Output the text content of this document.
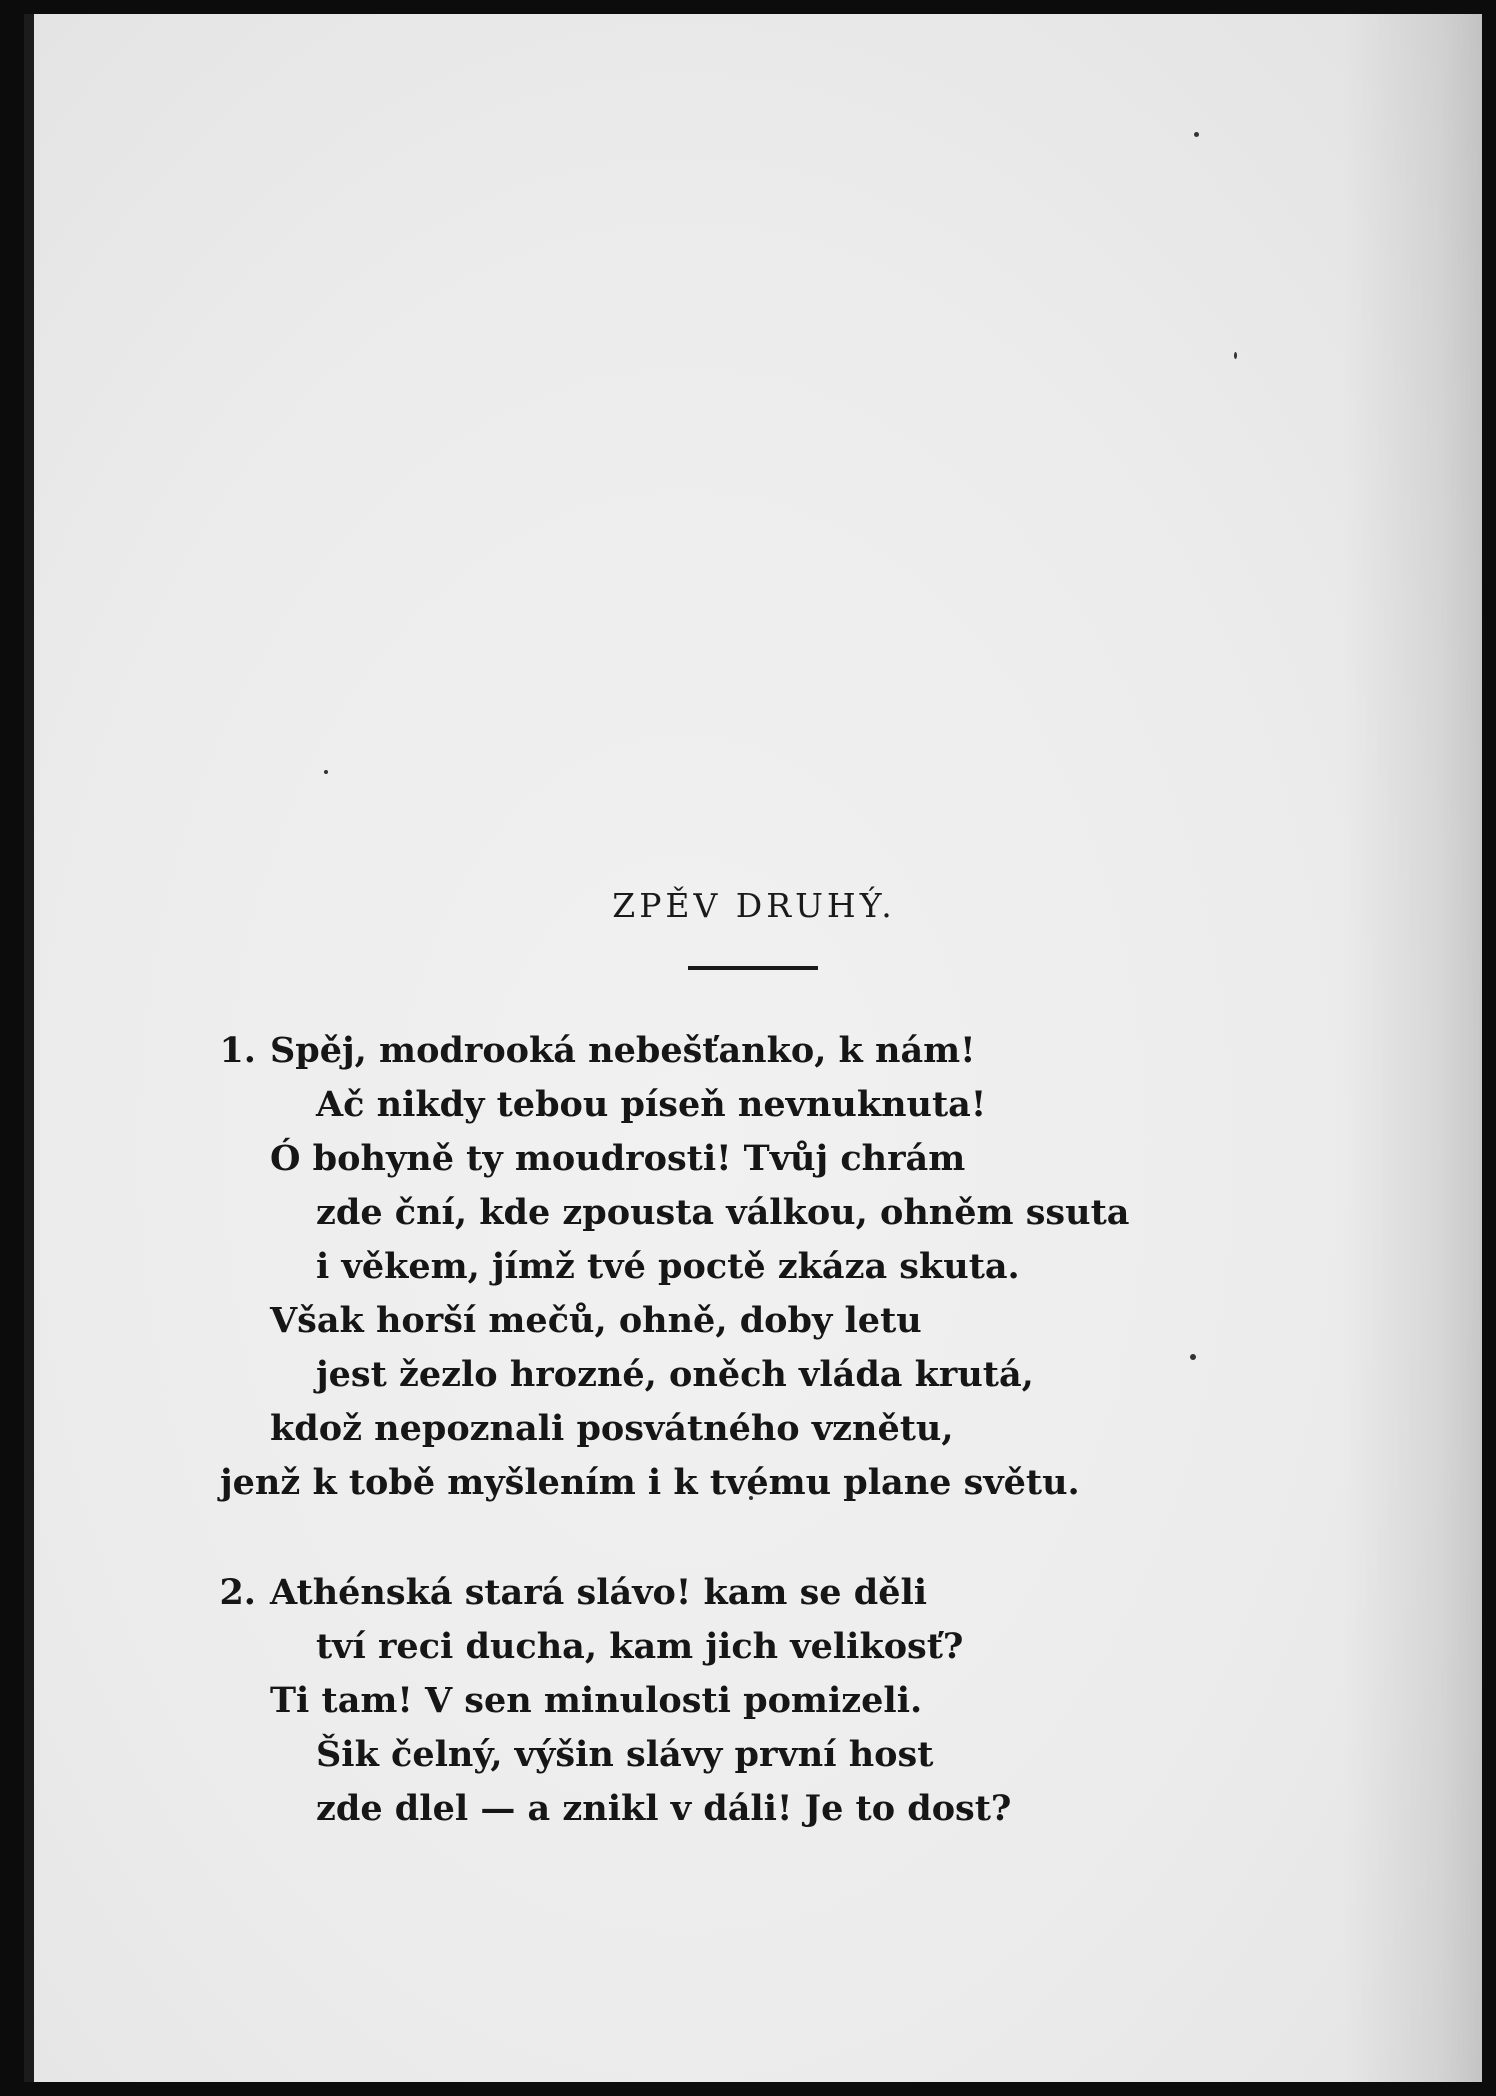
ZPĚV DRUHÝ.
1. Spěj, modrooká nebešťanko, k nám!
Ač nikdy tebou píseň nevnuknuta!
Ó bohyně ty moudrosti! Tvůj chrám
zde ční, kde zpousta válkou, ohněm ssuta
i věkem, jímž tvé poctě zkáza skuta.
Však horší mečů, ohně, doby letu
jest žezlo hrozné, oněch vláda krutá,
kdož nepoznali posvátného vznětu,
jenž k tobě myšlením i k tvému plane světu.
2. Athénská stará slávo! kam se děli
tví reci ducha, kam jich velikosť?
Ti tam! V sen minulosti pomizeli.
Šik čelný, výšin slávy první host
zde dlel — a znikl v dáli! Je to dost?
